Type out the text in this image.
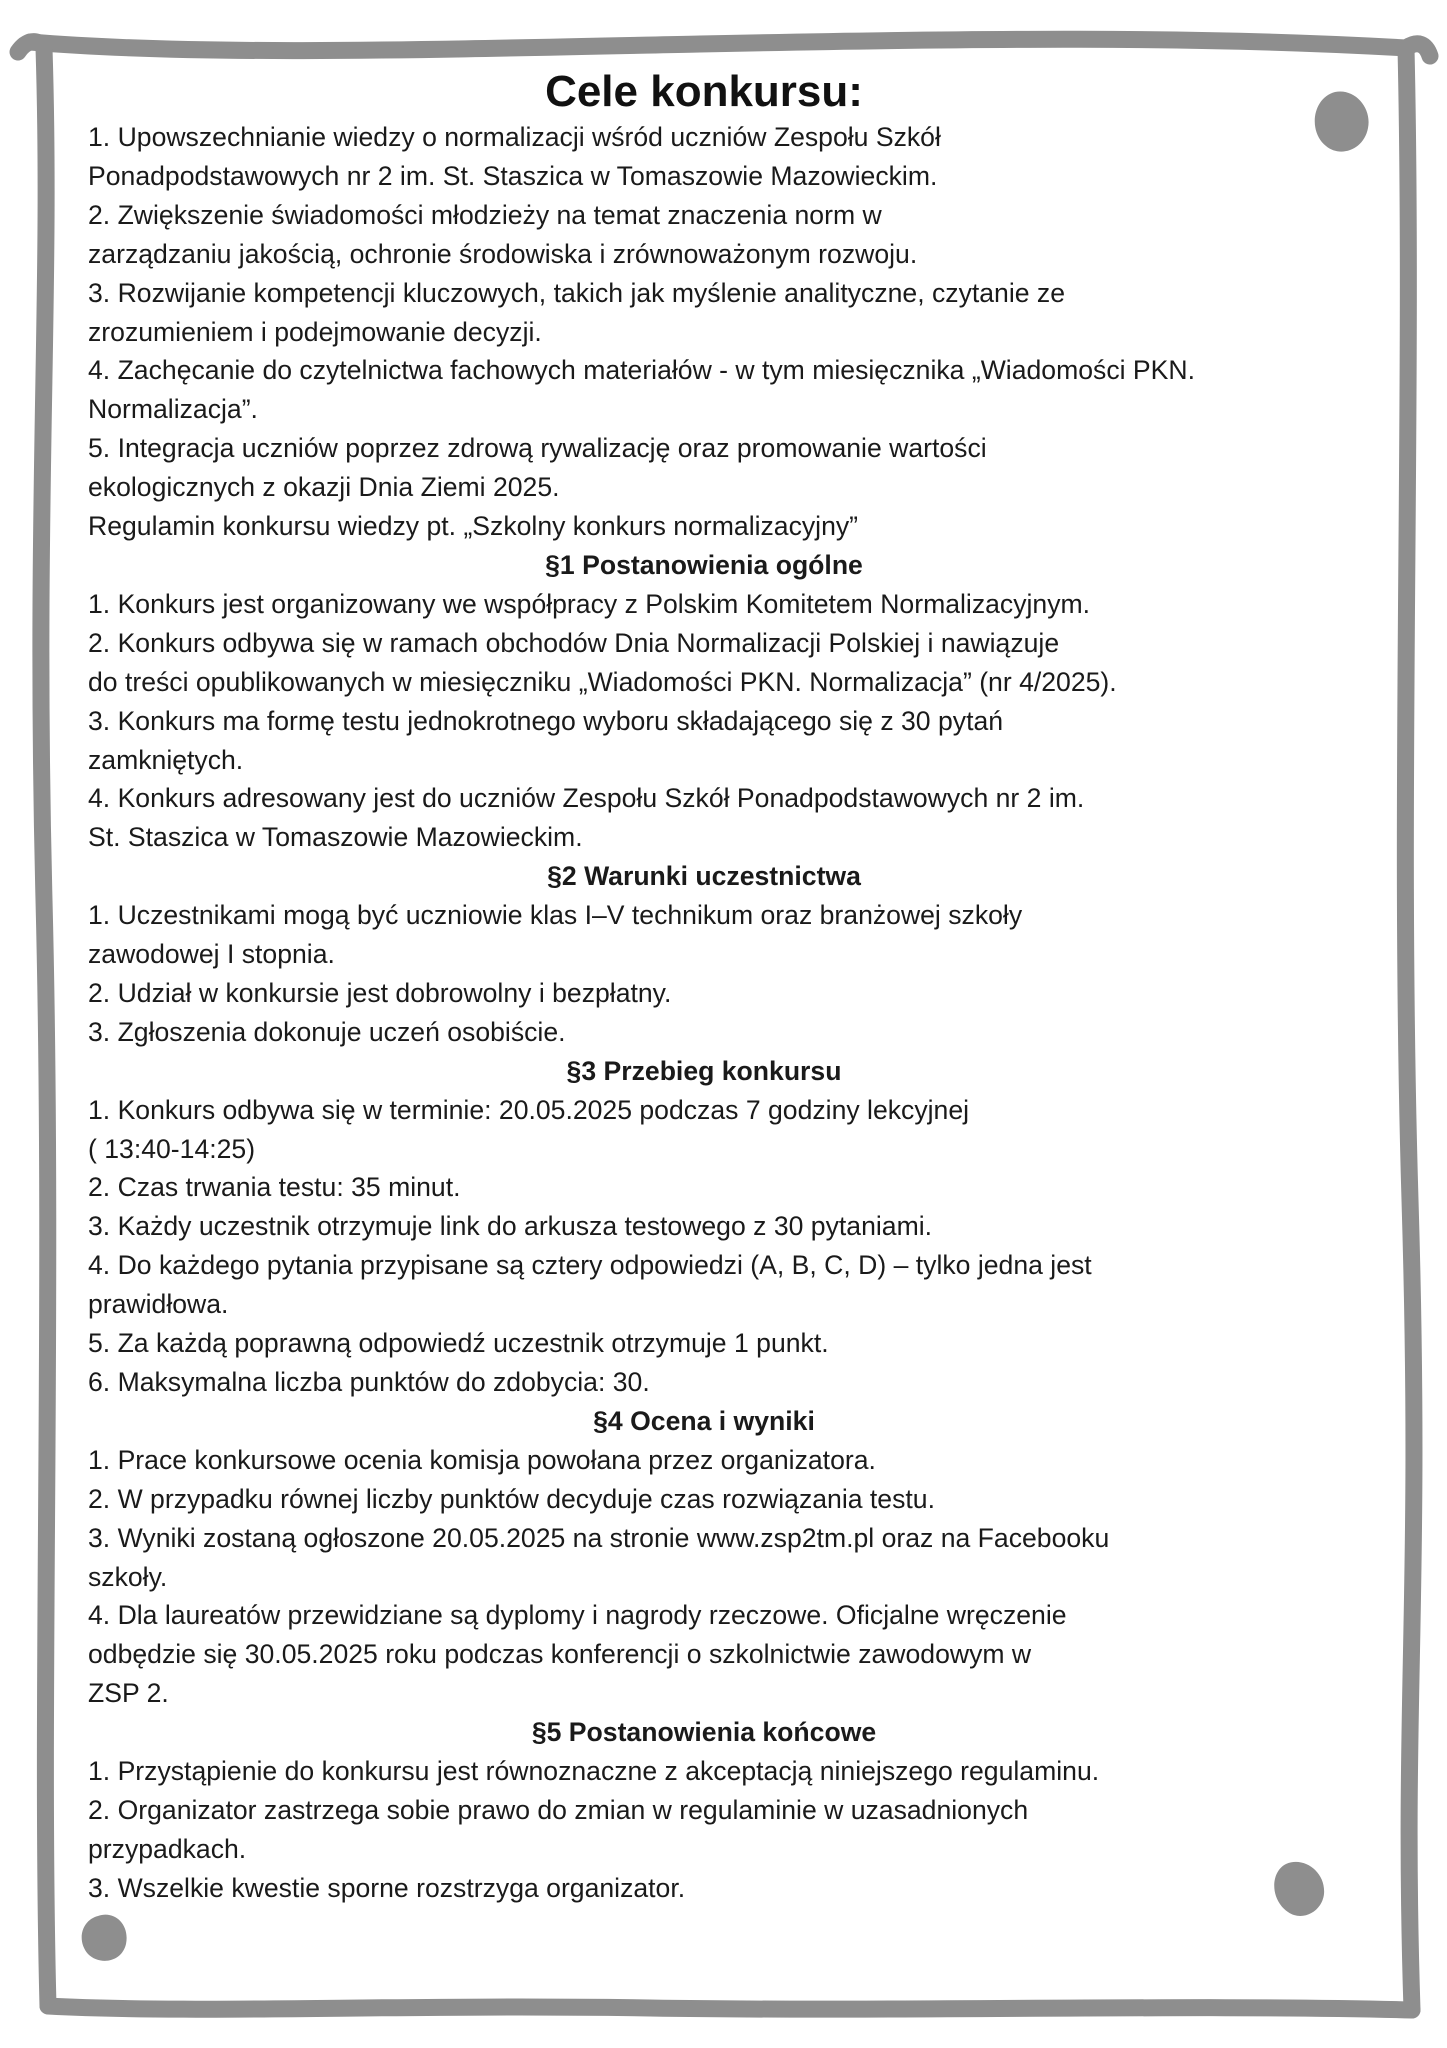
Cele konkursu:
1. Upowszechnianie wiedzy o normalizacji wśród uczniów Zespołu Szkół
Ponadpodstawowych nr 2 im. St. Staszica w Tomaszowie Mazowieckim.
2. Zwiększenie świadomości młodzieży na temat znaczenia norm w
zarządzaniu jakością, ochronie środowiska i zrównoważonym rozwoju.
3. Rozwijanie kompetencji kluczowych, takich jak myślenie analityczne, czytanie ze
zrozumieniem i podejmowanie decyzji.
4. Zachęcanie do czytelnictwa fachowych materiałów - w tym miesięcznika „Wiadomości PKN.
Normalizacja”.
5. Integracja uczniów poprzez zdrową rywalizację oraz promowanie wartości
ekologicznych z okazji Dnia Ziemi 2025.
Regulamin konkursu wiedzy pt. „Szkolny konkurs normalizacyjny”
§1 Postanowienia ogólne
1. Konkurs jest organizowany we współpracy z Polskim Komitetem Normalizacyjnym.
2. Konkurs odbywa się w ramach obchodów Dnia Normalizacji Polskiej i nawiązuje
do treści opublikowanych w miesięczniku „Wiadomości PKN. Normalizacja” (nr 4/2025).
3. Konkurs ma formę testu jednokrotnego wyboru składającego się z 30 pytań
zamkniętych.
4. Konkurs adresowany jest do uczniów Zespołu Szkół Ponadpodstawowych nr 2 im.
St. Staszica w Tomaszowie Mazowieckim.
§2 Warunki uczestnictwa
1. Uczestnikami mogą być uczniowie klas I–V technikum oraz branżowej szkoły
zawodowej I stopnia.
2. Udział w konkursie jest dobrowolny i bezpłatny.
3. Zgłoszenia dokonuje uczeń osobiście.
§3 Przebieg konkursu
1. Konkurs odbywa się w terminie: 20.05.2025 podczas 7 godziny lekcyjnej
( 13:40-14:25)
2. Czas trwania testu: 35 minut.
3. Każdy uczestnik otrzymuje link do arkusza testowego z 30 pytaniami.
4. Do każdego pytania przypisane są cztery odpowiedzi (A, B, C, D) – tylko jedna jest
prawidłowa.
5. Za każdą poprawną odpowiedź uczestnik otrzymuje 1 punkt.
6. Maksymalna liczba punktów do zdobycia: 30.
§4 Ocena i wyniki
1. Prace konkursowe ocenia komisja powołana przez organizatora.
2. W przypadku równej liczby punktów decyduje czas rozwiązania testu.
3. Wyniki zostaną ogłoszone 20.05.2025 na stronie www.zsp2tm.pl oraz na Facebooku
szkoły.
4. Dla laureatów przewidziane są dyplomy i nagrody rzeczowe. Oficjalne wręczenie
odbędzie się 30.05.2025 roku podczas konferencji o szkolnictwie zawodowym w
ZSP 2.
§5 Postanowienia końcowe
1. Przystąpienie do konkursu jest równoznaczne z akceptacją niniejszego regulaminu.
2. Organizator zastrzega sobie prawo do zmian w regulaminie w uzasadnionych
przypadkach.
3. Wszelkie kwestie sporne rozstrzyga organizator.
